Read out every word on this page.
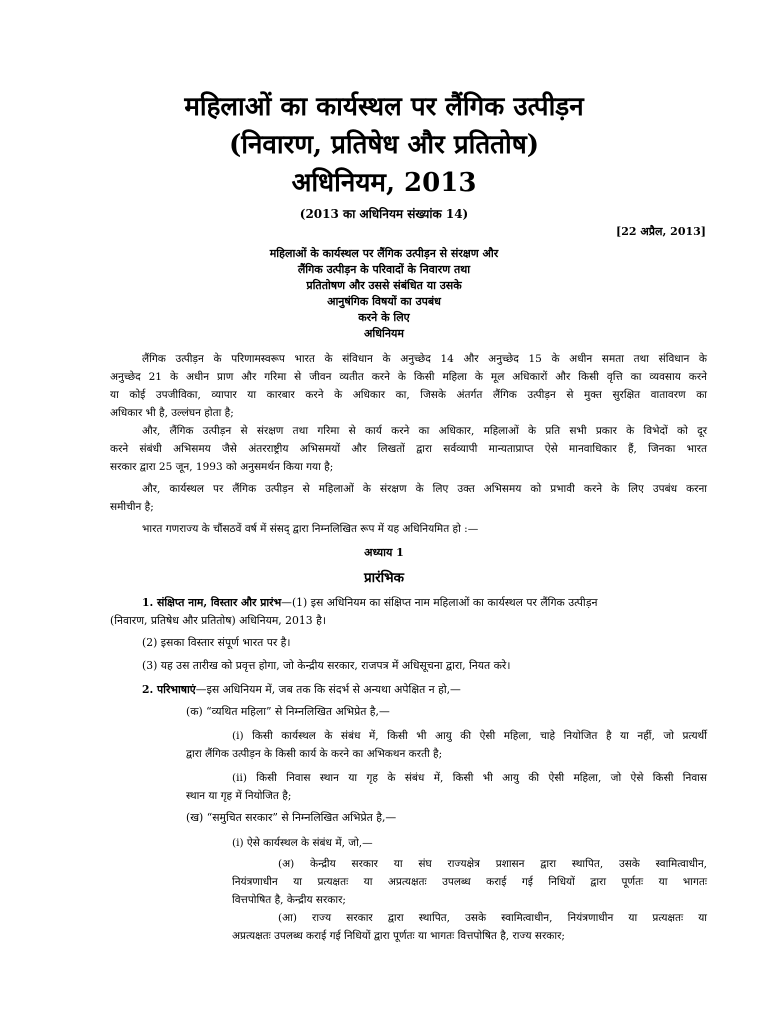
महिलाओं का कार्यस्थल पर लैंगिक उत्पीड़न
(निवारण, प्रतिषेध और प्रतितोष)
अधिनियम, 2013
(2013 का अधिनियम संख्यांक 14)
[22 अप्रैल, 2013]
महिलाओं के कार्यस्थल पर लैंगिक उत्पीड़न से संरक्षण और
लैंगिक उत्पीड़न के परिवादों के निवारण तथा
प्रतितोषण और उससे संबंधित या उसके
आनुषंगिक विषयों का उपबंध
करने के लिए
अधिनियम
लैंगिक उत्पीड़न के परिणामस्वरूप भारत के संविधान के अनुच्छेद 14 और अनुच्छेद 15 के अधीन समता तथा संविधान के
अनुच्छेद 21 के अधीन प्राण और गरिमा से जीवन व्यतीत करने के किसी महिला के मूल अधिकारों और किसी वृत्ति का व्यवसाय करने
या कोई उपजीविका, व्यापार या कारबार करने के अधिकार का, जिसके अंतर्गत लैंगिक उत्पीड़न से मुक्त सुरक्षित वातावरण का
अधिकार भी है, उल्लंघन होता है;
और, लैंगिक उत्पीड़न से संरक्षण तथा गरिमा से कार्य करने का अधिकार, महिलाओं के प्रति सभी प्रकार के विभेदों को दूर
करने संबंधी अभिसमय जैसे अंतरराष्ट्रीय अभिसमयों और लिखतों द्वारा सर्वव्यापी मान्यताप्राप्त ऐसे मानवाधिकार हैं, जिनका भारत
सरकार द्वारा 25 जून, 1993 को अनुसमर्थन किया गया है;
और, कार्यस्थल पर लैंगिक उत्पीड़न से महिलाओं के संरक्षण के लिए उक्त अभिसमय को प्रभावी करने के लिए उपबंध करना
समीचीन है;
भारत गणराज्य के चौंसठवें वर्ष में संसद् द्वारा निम्नलिखित रूप में यह अधिनियमित हो :—
अध्याय 1
प्रारंभिक
1. संक्षिप्त नाम, विस्तार और प्रारंभ—(1) इस अधिनियम का संक्षिप्त नाम महिलाओं का कार्यस्थल पर लैंगिक उत्पीड़न
(निवारण, प्रतिषेध और प्रतितोष) अधिनियम, 2013 है।
(2) इसका विस्तार संपूर्ण भारत पर है।
(3) यह उस तारीख को प्रवृत्त होगा, जो केन्द्रीय सरकार, राजपत्र में अधिसूचना द्वारा, नियत करे।
2. परिभाषाएं—इस अधिनियम में, जब तक कि संदर्भ से अन्यथा अपेक्षित न हो,—
(क) “व्यथित महिला” से निम्नलिखित अभिप्रेत है,—
(i) किसी कार्यस्थल के संबंध में, किसी भी आयु की ऐसी महिला, चाहे नियोजित है या नहीं, जो प्रत्यर्थी
द्वारा लैंगिक उत्पीड़न के किसी कार्य के करने का अभिकथन करती है;
(ii) किसी निवास स्थान या गृह के संबंध में, किसी भी आयु की ऐसी महिला, जो ऐसे किसी निवास
स्थान या गृह में नियोजित है;
(ख) “समुचित सरकार” से निम्नलिखित अभिप्रेत है,—
(i) ऐसे कार्यस्थल के संबंध में, जो,—
(अ) केन्द्रीय सरकार या संघ राज्यक्षेत्र प्रशासन द्वारा स्थापित, उसके स्वामित्वाधीन,
नियंत्रणाधीन या प्रत्यक्षतः या अप्रत्यक्षतः उपलब्ध कराई गई निधियों द्वारा पूर्णतः या भागतः
वित्तपोषित है, केन्द्रीय सरकार;
(आ) राज्य सरकार द्वारा स्थापित, उसके स्वामित्वाधीन, नियंत्रणाधीन या प्रत्यक्षतः या
अप्रत्यक्षतः उपलब्ध कराई गई निधियों द्वारा पूर्णतः या भागतः वित्तपोषित है, राज्य सरकार;
